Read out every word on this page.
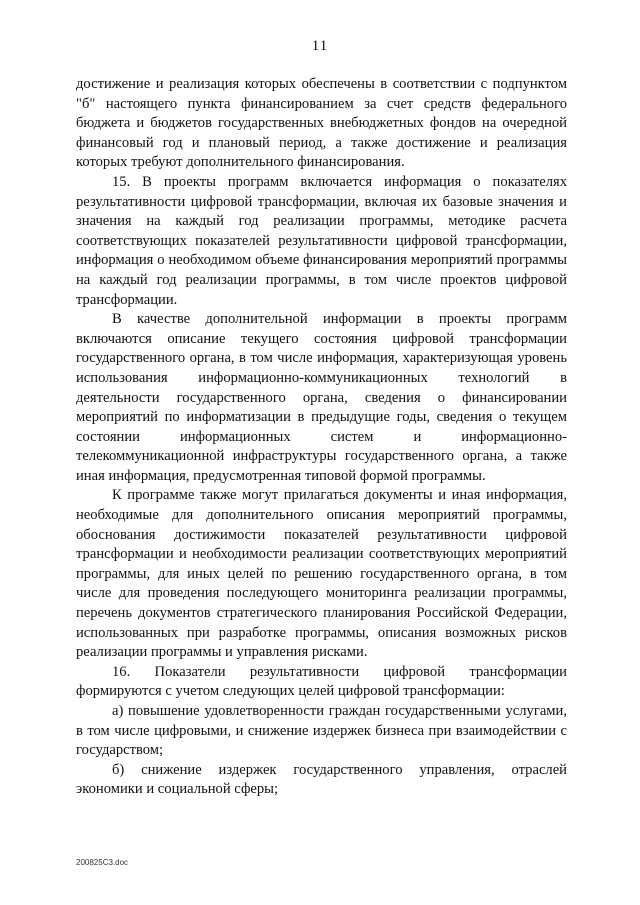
11

достижение и реализация которых обеспечены в соответствии с подпунктом "б" настоящего пункта финансированием за счет средств федерального бюджета и бюджетов государственных внебюджетных фондов на очередной финансовый год и плановый период, а также достижение и реализация которых требуют дополнительного финансирования.

15. В проекты программ включается информация о показателях результативности цифровой трансформации, включая их базовые значения и значения на каждый год реализации программы, методике расчета соответствующих показателей результативности цифровой трансформации, информация о необходимом объеме финансирования мероприятий программы на каждый год реализации программы, в том числе проектов цифровой трансформации.

В качестве дополнительной информации в проекты программ включаются описание текущего состояния цифровой трансформации государственного органа, в том числе информация, характеризующая уровень использования информационно-коммуникационных технологий в деятельности государственного органа, сведения о финансировании мероприятий по информатизации в предыдущие годы, сведения о текущем состоянии информационных систем и информационно-телекоммуникационной инфраструктуры государственного органа, а также иная информация, предусмотренная типовой формой программы.

К программе также могут прилагаться документы и иная информация, необходимые для дополнительного описания мероприятий программы, обоснования достижимости показателей результативности цифровой трансформации и необходимости реализации соответствующих мероприятий программы, для иных целей по решению государственного органа, в том числе для проведения последующего мониторинга реализации программы, перечень документов стратегического планирования Российской Федерации, использованных при разработке программы, описания возможных рисков реализации программы и управления рисками.

16. Показатели результативности цифровой трансформации формируются с учетом следующих целей цифровой трансформации:

а) повышение удовлетворенности граждан государственными услугами, в том числе цифровыми, и снижение издержек бизнеса при взаимодействии с государством;

б) снижение издержек государственного управления, отраслей экономики и социальной сферы;

200825С3.doc
